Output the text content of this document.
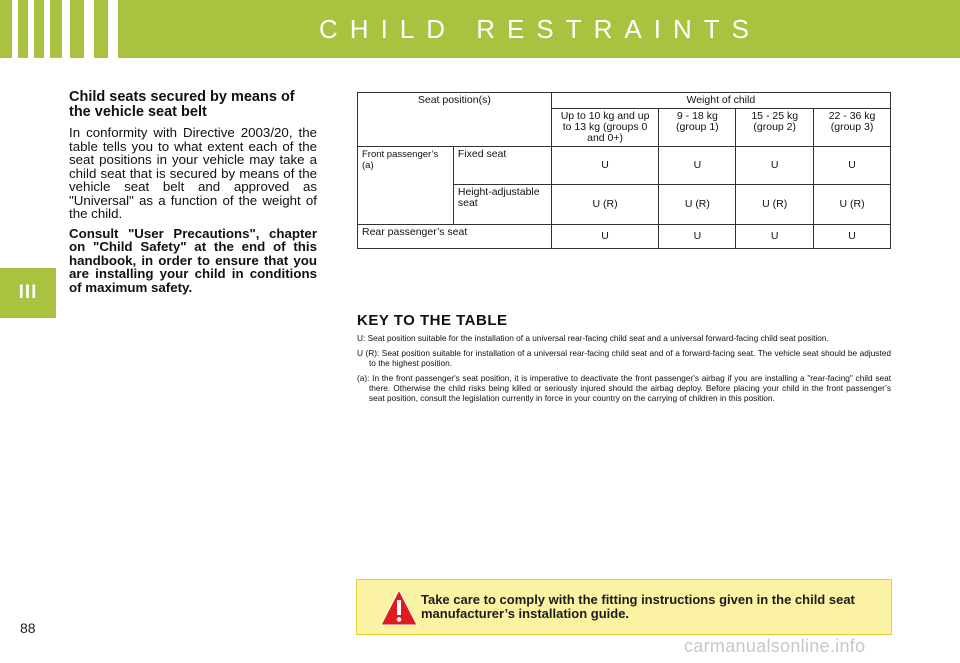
CHILD RESTRAINTS
III

Child seats secured by means of the vehicle seat belt

In conformity with Directive 2003/20, the table tells you to what extent each of the seat positions in your vehicle may take a child seat that is secured by means of the vehicle seat belt and approved as "Universal" as a function of the weight of the child.

Consult "User Precautions", chapter on "Child Safety" at the end of this handbook, in order to ensure that you are installing your child in conditions of maximum safety.

Seat position(s)		Weight of child			
		Up to 10 kg and up to 13 kg (groups 0 and 0+)	9 - 18 kg (group 1)	15 - 25 kg (group 2)	22 - 36 kg (group 3)
Front passenger’s (a)	Fixed seat	U	U	U	U
	Height-adjustable seat	U (R)	U (R)	U (R)	U (R)
Rear passenger’s seat		U	U	U	U
KEY TO THE TABLE

U: Seat position suitable for the installation of a universal rear-facing child seat and a universal forward-facing child seat position.

U (R): Seat position suitable for installation of a universal rear-facing child seat and of a forward-facing seat. The vehicle seat should be adjusted to the highest position.

(a): In the front passenger's seat position, it is imperative to deactivate the front passenger's airbag if you are installing a "rear-facing" child seat there. Otherwise the child risks being killed or seriously injured should the airbag deploy. Before placing your child in the front passenger’s seat position, consult the legislation currently in force in your country on the carrying of children in this position.

Take care to comply with the fitting instructions given in the child seat manufacturer’s installation guide.
88
carmanualsonline.info
